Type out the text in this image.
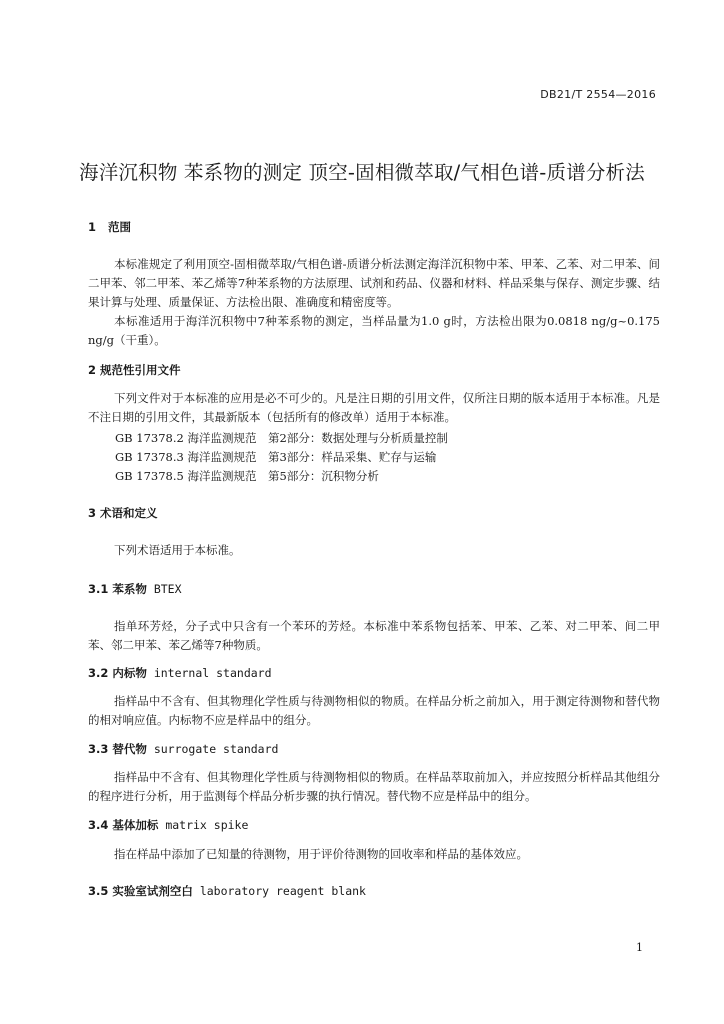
DB21/T 2554—2016
海洋沉积物 苯系物的测定 顶空-固相微萃取/气相色谱-质谱分析法
1   范围
本标准规定了利用顶空-固相微萃取/气相色谱-质谱分析法测定海洋沉积物中苯、甲苯、乙苯、对二甲苯、间二甲苯、邻二甲苯、苯乙烯等7种苯系物的方法原理、试剂和药品、仪器和材料、样品采集与保存、测定步骤、结果计算与处理、质量保证、方法检出限、准确度和精密度等。
本标准适用于海洋沉积物中7种苯系物的测定，当样品量为1.0 g时，方法检出限为0.0818 ng/g~0.175 ng/g（干重）。
2 规范性引用文件
下列文件对于本标准的应用是必不可少的。凡是注日期的引用文件，仅所注日期的版本适用于本标准。凡是不注日期的引用文件，其最新版本（包括所有的修改单）适用于本标准。
GB 17378.2 海洋监测规范　第2部分：数据处理与分析质量控制
GB 17378.3 海洋监测规范　第3部分：样品采集、贮存与运输
GB 17378.5 海洋监测规范　第5部分：沉积物分析
3 术语和定义
下列术语适用于本标准。
3.1 苯系物 BTEX
指单环芳烃，分子式中只含有一个苯环的芳烃。本标准中苯系物包括苯、甲苯、乙苯、对二甲苯、间二甲苯、邻二甲苯、苯乙烯等7种物质。
3.2 内标物 internal standard
指样品中不含有、但其物理化学性质与待测物相似的物质。在样品分析之前加入，用于测定待测物和替代物的相对响应值。内标物不应是样品中的组分。
3.3 替代物 surrogate standard
指样品中不含有、但其物理化学性质与待测物相似的物质。在样品萃取前加入，并应按照分析样品其他组分的程序进行分析，用于监测每个样品分析步骤的执行情况。替代物不应是样品中的组分。
3.4 基体加标 matrix spike
指在样品中添加了已知量的待测物，用于评价待测物的回收率和样品的基体效应。
3.5 实验室试剂空白 laboratory reagent blank
1
